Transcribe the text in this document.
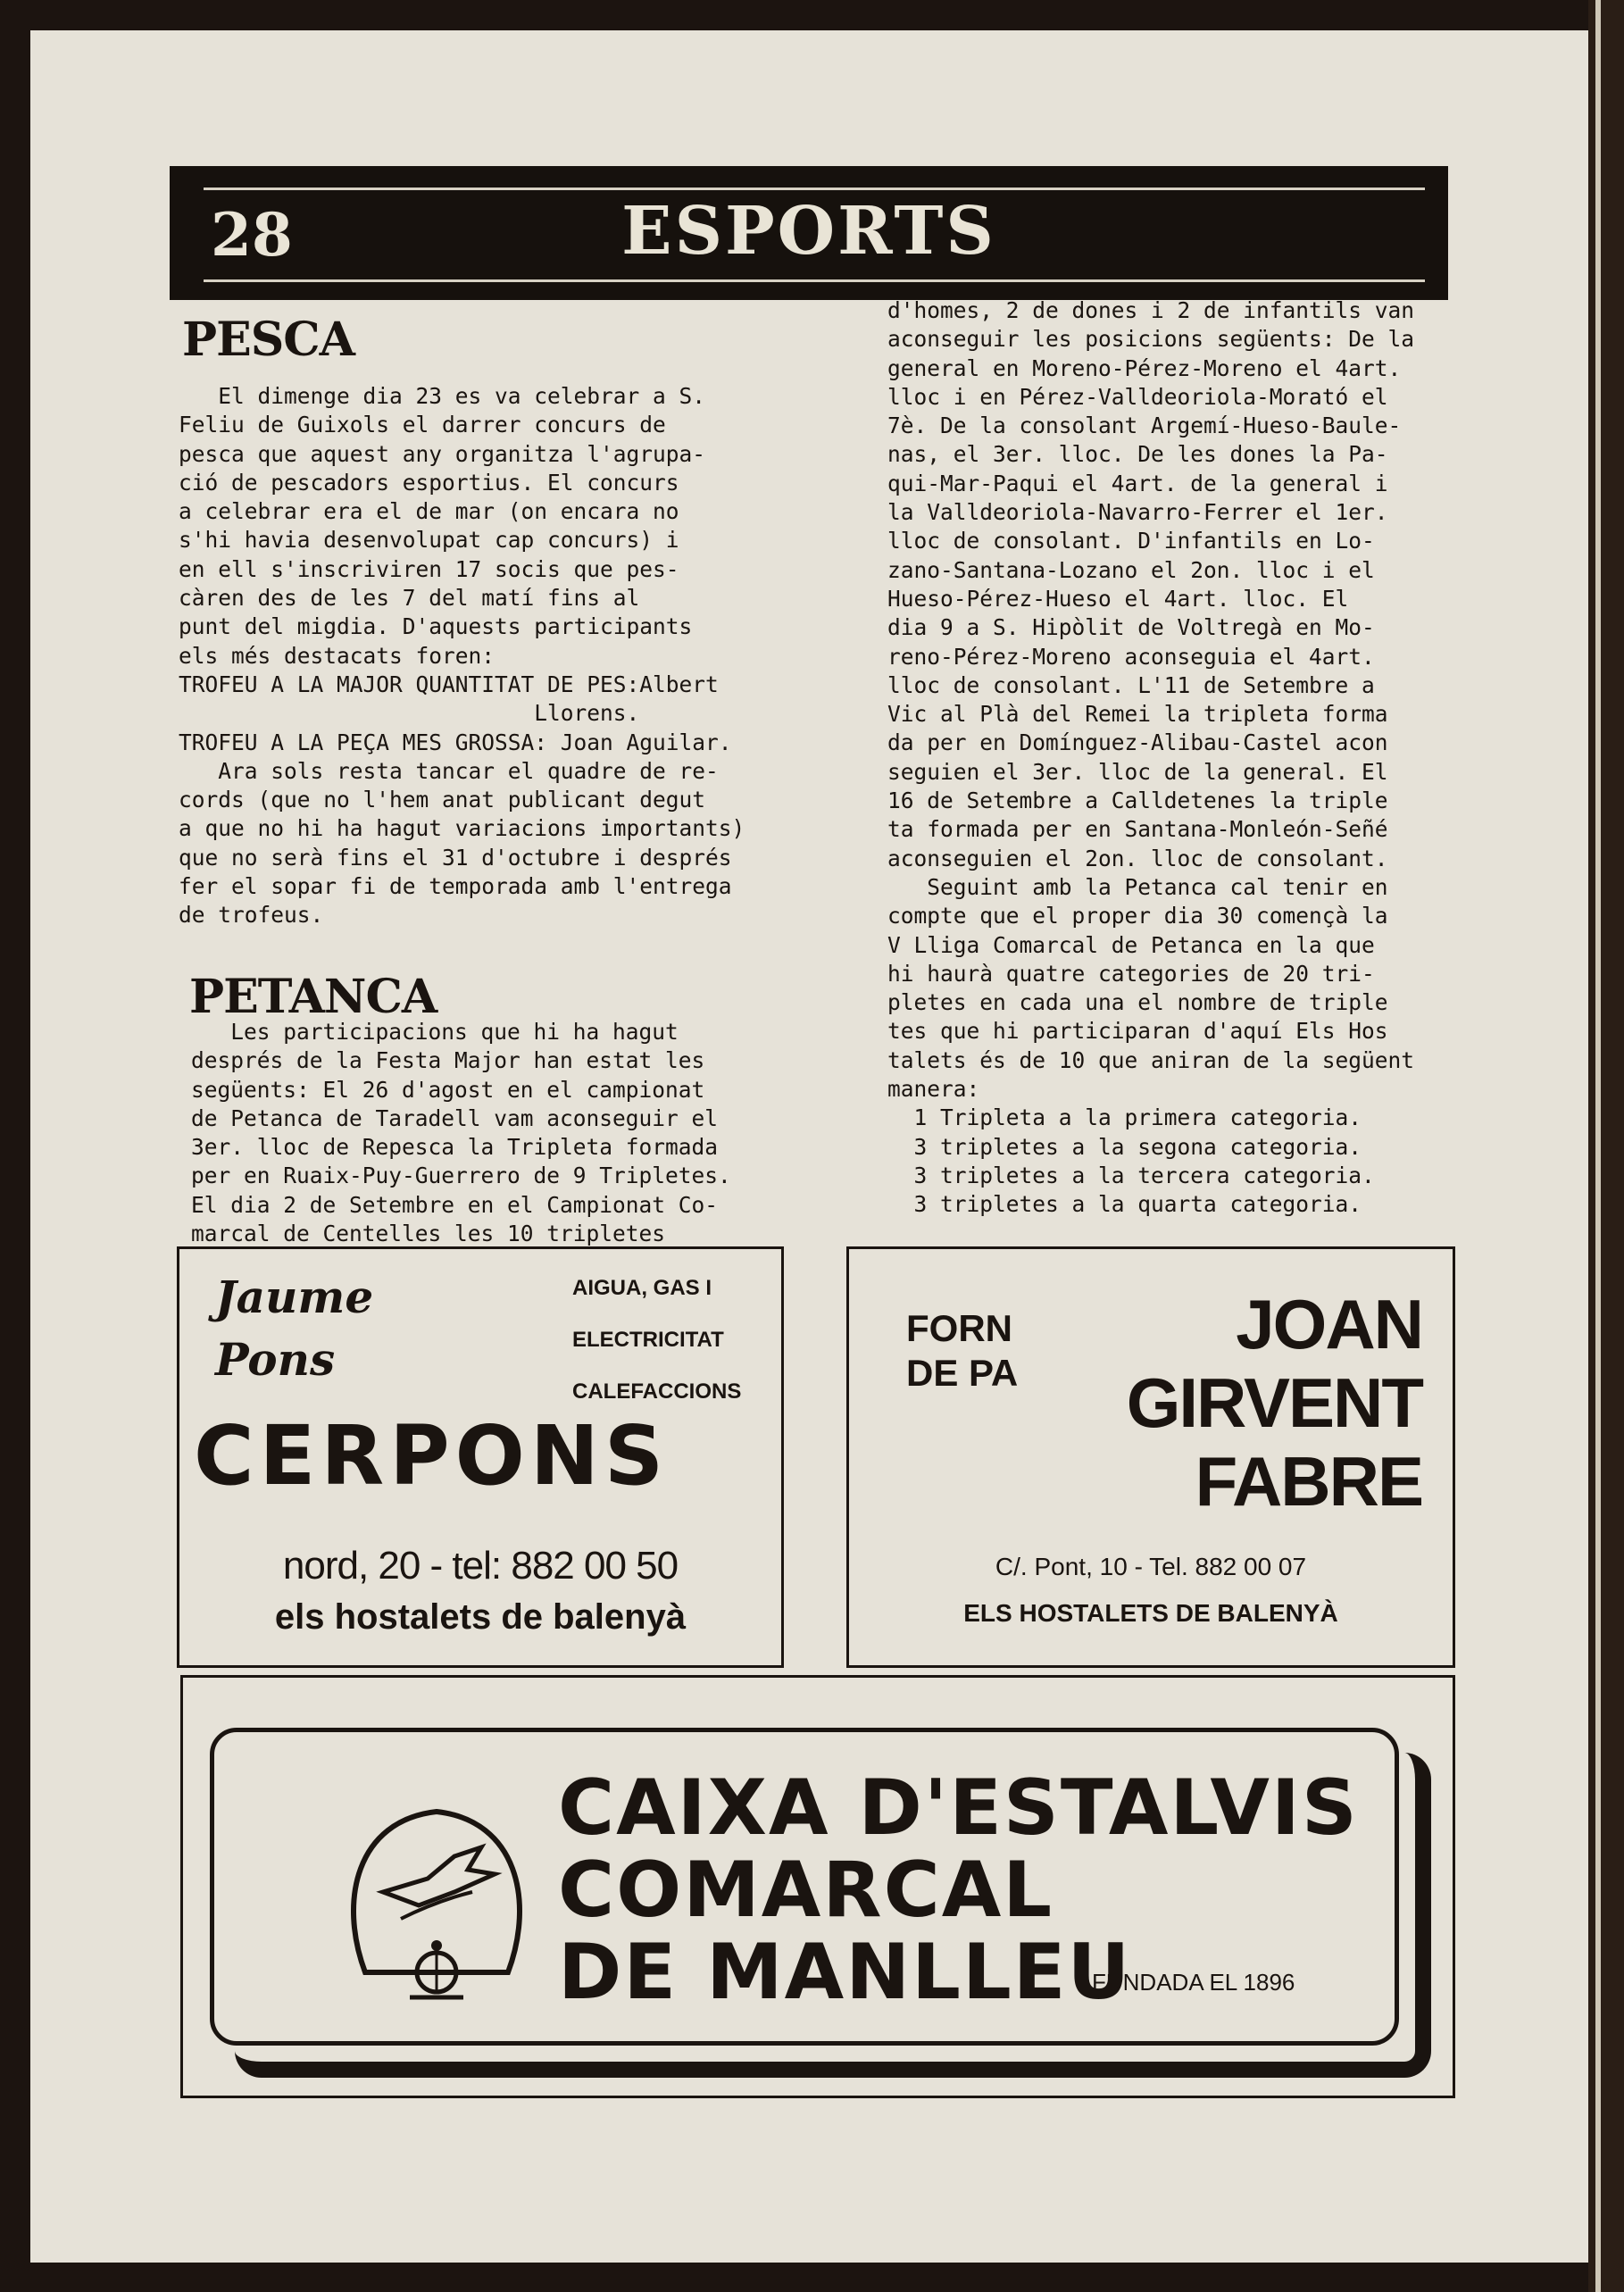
28	ESPORTS
PESCA
El dimenge dia 23 es va celebrar a S.
Feliu de Guixols el darrer concurs de
pesca que aquest any organitza l'agrupa-
ció de pescadors esportius. El concurs
a celebrar era el de mar (on encara no
s'hi havia desenvolupat cap concurs) i
en ell s'inscriviren 17 socis que pes-
càren des de les 7 del matí fins al
punt del migdia. D'aquests participants
els més destacats foren:
TROFEU A LA MAJOR QUANTITAT DE PES:Albert
Llorens.
TROFEU A LA PEÇA MES GROSSA: Joan Aguilar.
Ara sols resta tancar el quadre de re-
cords (que no l'hem anat publicant degut
a que no hi ha hagut variacions importants)
que no serà fins el 31 d'octubre i després
fer el sopar fi de temporada amb l'entrega
de trofeus.
PETANCA
Les participacions que hi ha hagut
després de la Festa Major han estat les
següents: El 26 d'agost en el campionat
de Petanca de Taradell vam aconseguir el
3er. lloc de Repesca la Tripleta formada
per en Ruaix-Puy-Guerrero de 9 Tripletes.
El dia 2 de Setembre en el Campionat Co-
marcal de Centelles les 10 tripletes
d'homes, 2 de dones i 2 de infantils van
aconseguir les posicions següents: De la
general en Moreno-Pérez-Moreno el 4art.
lloc i en Pérez-Valldeoriola-Morató el
7è. De la consolant Argemí-Hueso-Baule-
nas, el 3er. lloc. De les dones la Pa-
qui-Mar-Paqui el 4art. de la general i
la Valldeoriola-Navarro-Ferrer el 1er.
lloc de consolant. D'infantils en Lo-
zano-Santana-Lozano el 2on. lloc i el
Hueso-Pérez-Hueso el 4art. lloc. El
dia 9 a S. Hipòlit de Voltregà en Mo-
reno-Pérez-Moreno aconseguia el 4art.
lloc de consolant. L'11 de Setembre a
Vic al Plà del Remei la tripleta forma
da per en Domínguez-Alibau-Castel acon
seguien el 3er. lloc de la general. El
16 de Setembre a Calldetenes la triple
ta formada per en Santana-Monleón-Señé
aconseguien el 2on. lloc de consolant.
Seguint amb la Petanca cal tenir en
compte que el proper dia 30 començà la
V Lliga Comarcal de Petanca en la que
hi haurà quatre categories de 20 tri-
pletes en cada una el nombre de triple
tes que hi participaran d'aquí Els Hos
talets és de 10 que aniran de la següent
manera:
1 Tripleta a la primera categoria.
3 tripletes a la segona categoria.
3 tripletes a la tercera categoria.
3 tripletes a la quarta categoria.
Jaume
Pons
AIGUA, GAS I
ELECTRICITAT
CALEFACCIONS
CERPONS
nord, 20 - tel: 882 00 50
els hostalets de balenyà
FORN
DE PA
JOAN
GIRVENT
FABRE
C/. Pont, 10 - Tel. 882 00 07
ELS HOSTALETS DE BALENYÀ
CAIXA D'ESTALVIS
COMARCAL
DE MANLLEU
FUNDADA EL 1896
